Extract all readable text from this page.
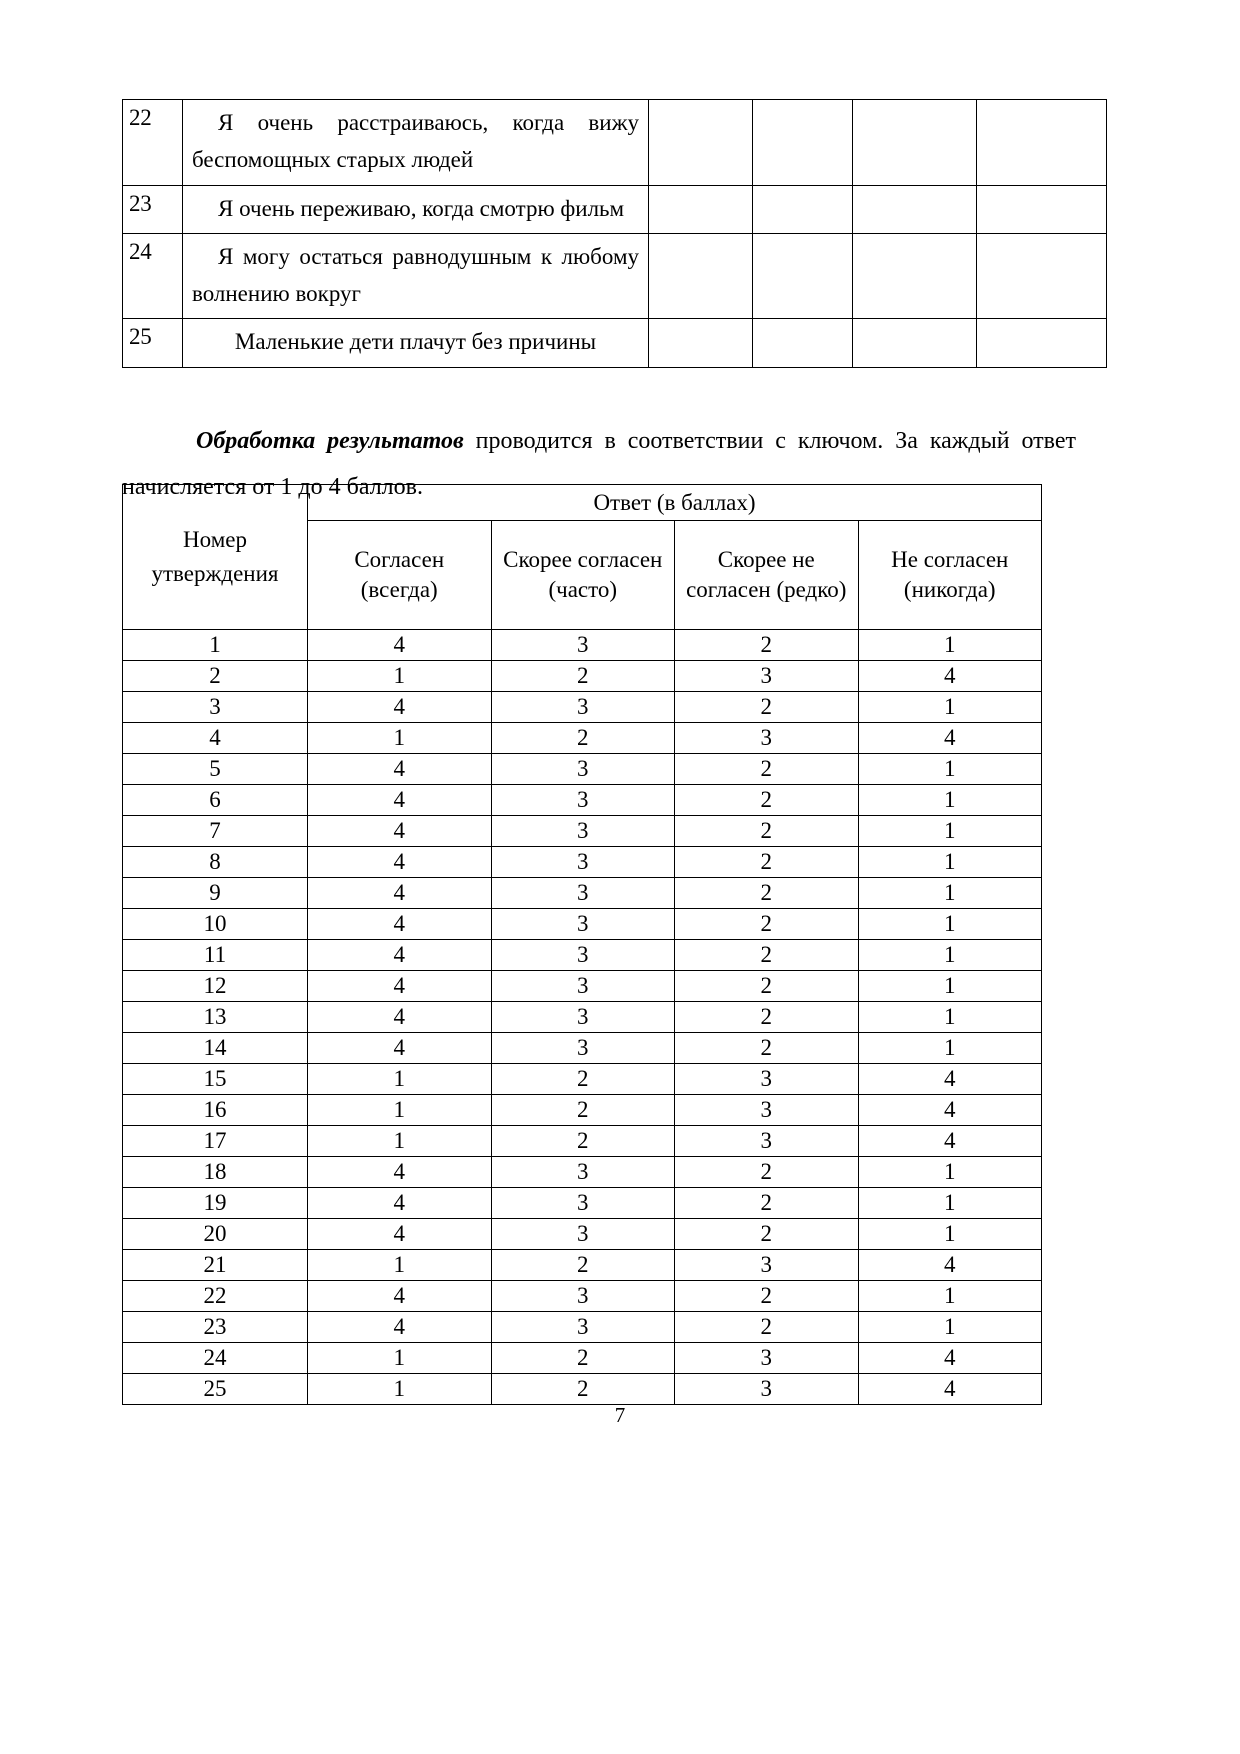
22	Я очень расстраиваюсь, когда вижу беспомощных старых людей				
23	Я очень переживаю, когда смотрю фильм				
24	Я могу остаться равнодушным к любому волнению вокруг				
25	Маленькие дети плачут без причины				

Обработка результатов проводится в соответствии с ключом. За каждый ответ начисляется от 1 до 4 баллов.

Номер утверждения	Ответ (в баллах)			
	Согласен (всегда)	Скорее согласен (часто)	Скорее не согласен (редко)	Не согласен (никогда)
1	4	3	2	1
2	1	2	3	4
3	4	3	2	1
4	1	2	3	4
5	4	3	2	1
6	4	3	2	1
7	4	3	2	1
8	4	3	2	1
9	4	3	2	1
10	4	3	2	1
11	4	3	2	1
12	4	3	2	1
13	4	3	2	1
14	4	3	2	1
15	1	2	3	4
16	1	2	3	4
17	1	2	3	4
18	4	3	2	1
19	4	3	2	1
20	4	3	2	1
21	1	2	3	4
22	4	3	2	1
23	4	3	2	1
24	1	2	3	4
25	1	2	3	4
7
